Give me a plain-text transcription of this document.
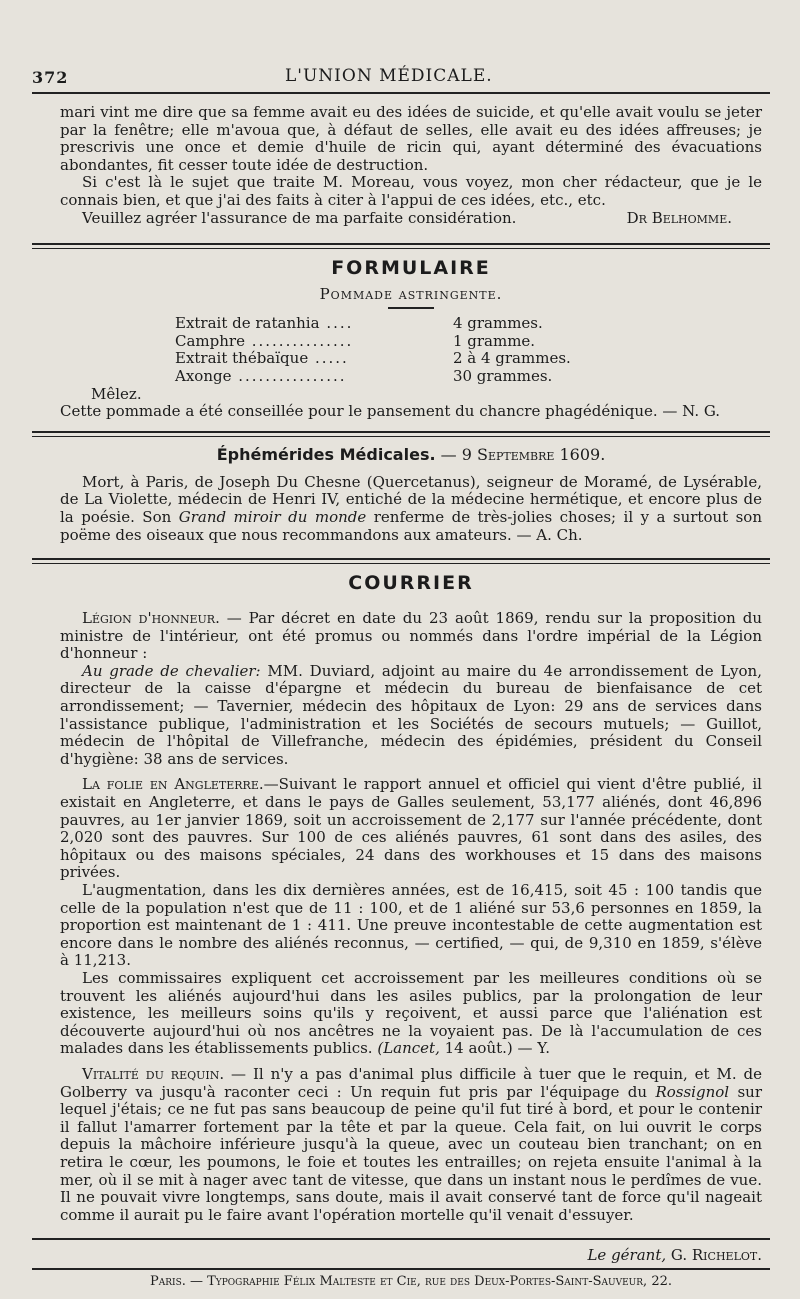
372	L'UNION MÉDICALE.

mari vint me dire que sa femme avait eu des idées de suicide, et qu'elle avait voulu se jeter par la fenêtre; elle m'avoua que, à défaut de selles, elle avait eu des idées affreuses; je prescrivis une once et demie d'huile de ricin qui, ayant déterminé des évacuations abondantes, fit cesser toute idée de destruction.

Si c'est là le sujet que traite M. Moreau, vous voyez, mon cher rédacteur, que je le connais bien, et que j'ai des faits à citer à l'appui de ces idées, etc., etc.

Veuillez agréer l'assurance de ma parfaite considération.	Dr Belhomme.
FORMULAIRE
Pommade astringente.
Extrait de ratanhia ....	4 grammes.
Camphre ...............	1 gramme.
Extrait thébaïque .....	2 à 4 grammes.
Axonge ................	30 grammes.
Mêlez.

Cette pommade a été conseillée pour le pansement du chancre phagédénique. — N. G.

Éphémérides Médicales. — 9 Septembre 1609.

Mort, à Paris, de Joseph Du Chesne (Quercetanus), seigneur de Moramé, de Lysérable, de La Violette, médecin de Henri IV, entiché de la médecine hermétique, et encore plus de la poésie. Son Grand miroir du monde renferme de très-jolies choses; il y a surtout son poëme des oiseaux que nous recommandons aux amateurs. — A. Ch.

COURRIER

Légion d'honneur. — Par décret en date du 23 août 1869, rendu sur la proposition du ministre de l'intérieur, ont été promus ou nommés dans l'ordre impérial de la Légion d'honneur :

Au grade de chevalier: MM. Duviard, adjoint au maire du 4e arrondissement de Lyon, directeur de la caisse d'épargne et médecin du bureau de bienfaisance de cet arrondissement; — Tavernier, médecin des hôpitaux de Lyon: 29 ans de services dans l'assistance publique, l'administration et les Sociétés de secours mutuels; — Guillot, médecin de l'hôpital de Villefranche, médecin des épidémies, président du Conseil d'hygiène: 38 ans de services.

La folie en Angleterre.—Suivant le rapport annuel et officiel qui vient d'être publié, il existait en Angleterre, et dans le pays de Galles seulement, 53,177 aliénés, dont 46,896 pauvres, au 1er janvier 1869, soit un accroissement de 2,177 sur l'année précédente, dont 2,020 sont des pauvres. Sur 100 de ces aliénés pauvres, 61 sont dans des asiles, des hôpitaux ou des maisons spéciales, 24 dans des workhouses et 15 dans des maisons privées.

L'augmentation, dans les dix dernières années, est de 16,415, soit 45 : 100 tandis que celle de la population n'est que de 11 : 100, et de 1 aliéné sur 53,6 personnes en 1859, la proportion est maintenant de 1 : 411. Une preuve incontestable de cette augmentation est encore dans le nombre des aliénés reconnus, — certified, — qui, de 9,310 en 1859, s'élève à 11,213.

Les commissaires expliquent cet accroissement par les meilleures conditions où se trouvent les aliénés aujourd'hui dans les asiles publics, par la prolongation de leur existence, les meilleurs soins qu'ils y reçoivent, et aussi parce que l'aliénation est découverte aujourd'hui où nos ancêtres ne la voyaient pas. De là l'accumulation de ces malades dans les établissements publics. (Lancet, 14 août.) — Y.

Vitalité du requin. — Il n'y a pas d'animal plus difficile à tuer que le requin, et M. de Golberry va jusqu'à raconter ceci : Un requin fut pris par l'équipage du Rossignol sur lequel j'étais; ce ne fut pas sans beaucoup de peine qu'il fut tiré à bord, et pour le contenir il fallut l'amarrer fortement par la tête et par la queue. Cela fait, on lui ouvrit le corps depuis la mâchoire inférieure jusqu'à la queue, avec un couteau bien tranchant; on en retira le cœur, les poumons, le foie et toutes les entrailles; on rejeta ensuite l'animal à la mer, où il se mit à nager avec tant de vitesse, que dans un instant nous le perdîmes de vue. Il ne pouvait vivre longtemps, sans doute, mais il avait conservé tant de force qu'il nageait comme il aurait pu le faire avant l'opération mortelle qu'il venait d'essuyer.

Le gérant, G. Richelot.
Paris. — Typographie Félix Malteste et Cie, rue des Deux-Portes-Saint-Sauveur, 22.
